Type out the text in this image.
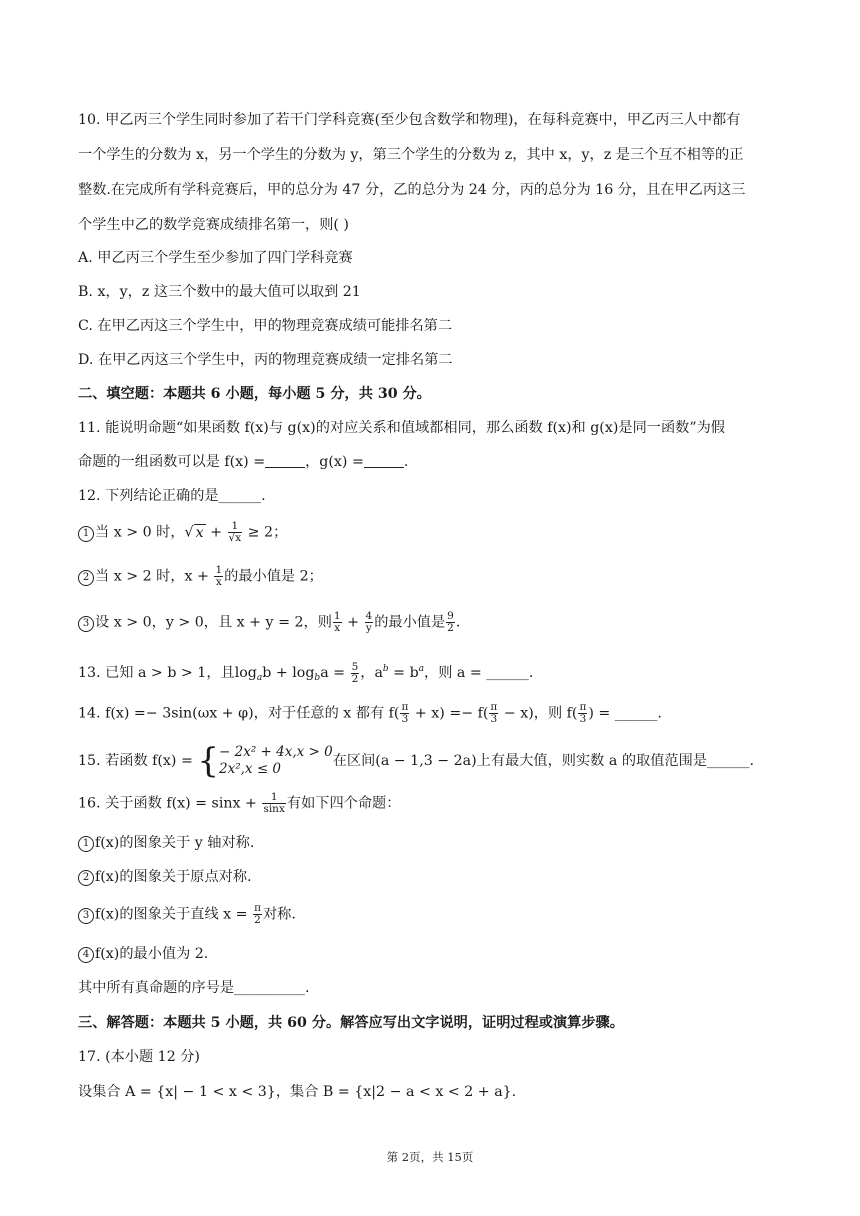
10. 甲乙丙三个学生同时参加了若干门学科竞赛(至少包含数学和物理)，在每科竞赛中，甲乙丙三人中都有
一个学生的分数为 x，另一个学生的分数为 y，第三个学生的分数为 z，其中 x，y，z 是三个互不相等的正
整数.在完成所有学科竞赛后，甲的总分为 47 分，乙的总分为 24 分，丙的总分为 16 分，且在甲乙丙这三
个学生中乙的数学竞赛成绩排名第一，则( )
A. 甲乙丙三个学生至少参加了四门学科竞赛
B. x，y，z 这三个数中的最大值可以取到 21
C. 在甲乙丙这三个学生中，甲的物理竞赛成绩可能排名第二
D. 在甲乙丙这三个学生中，丙的物理竞赛成绩一定排名第二
二、填空题：本题共 6 小题，每小题 5 分，共 30 分。
11. 能说明命题“如果函数 f(x)与 g(x)的对应关系和值域都相同，那么函数 f(x)和 g(x)是同一函数”为假
命题的一组函数可以是 f(x) =	，g(x) =	.
12. 下列结论正确的是______.
1 当 x > 0 时，√ $x + \frac{1}{√x} \ge 2$；
2 当 x > 2 时，$x + \frac{1}{x}$ 的最小值是 2；
3 设 x > 0，y > 0，且 x + y = 2，则 $\frac{1}{x} + \frac{4}{y}$ 的最小值是 $\frac{9}{2}$ .
13. 已知 a > b > 1，且$\log_ab + \log_ba = \frac{5}{2}$ ，$a^b = b^a$，则 a = ______.
14. f(x) =− 3sin(ωx + φ)，对于任意的 x 都有 $f( \frac{\pi}{3} + x) =- f( \frac{\pi}{3} - x)$，则 $f( \frac{\pi}{3}$ ) = ______.
15. 若函数 f(x) = { − 2x² + 4x,x > 0
2x²,x ≤ 0	在区间(a − 1,3 − 2a)上有最大值，则实数 a 的取值范围是______.
16. 关于函数 $f(x) = \sin x + \frac{1}{\sin x}$ 有如下四个命题：
1 f(x)的图象关于 y 轴对称.
2 f(x)的图象关于原点对称.
3 f(x)的图象关于直线 $x = \frac{\pi}{2}$ 对称.
4 f(x)的最小值为 2.
其中所有真命题的序号是__________.
三、解答题：本题共 5 小题，共 60 分。解答应写出文字说明，证明过程或演算步骤。
17. (本小题 12 分)
设集合 A = {x| − 1 < x < 3}，集合 B = {x|2 − a < x < 2 + a}.
第 2页，共 15页
